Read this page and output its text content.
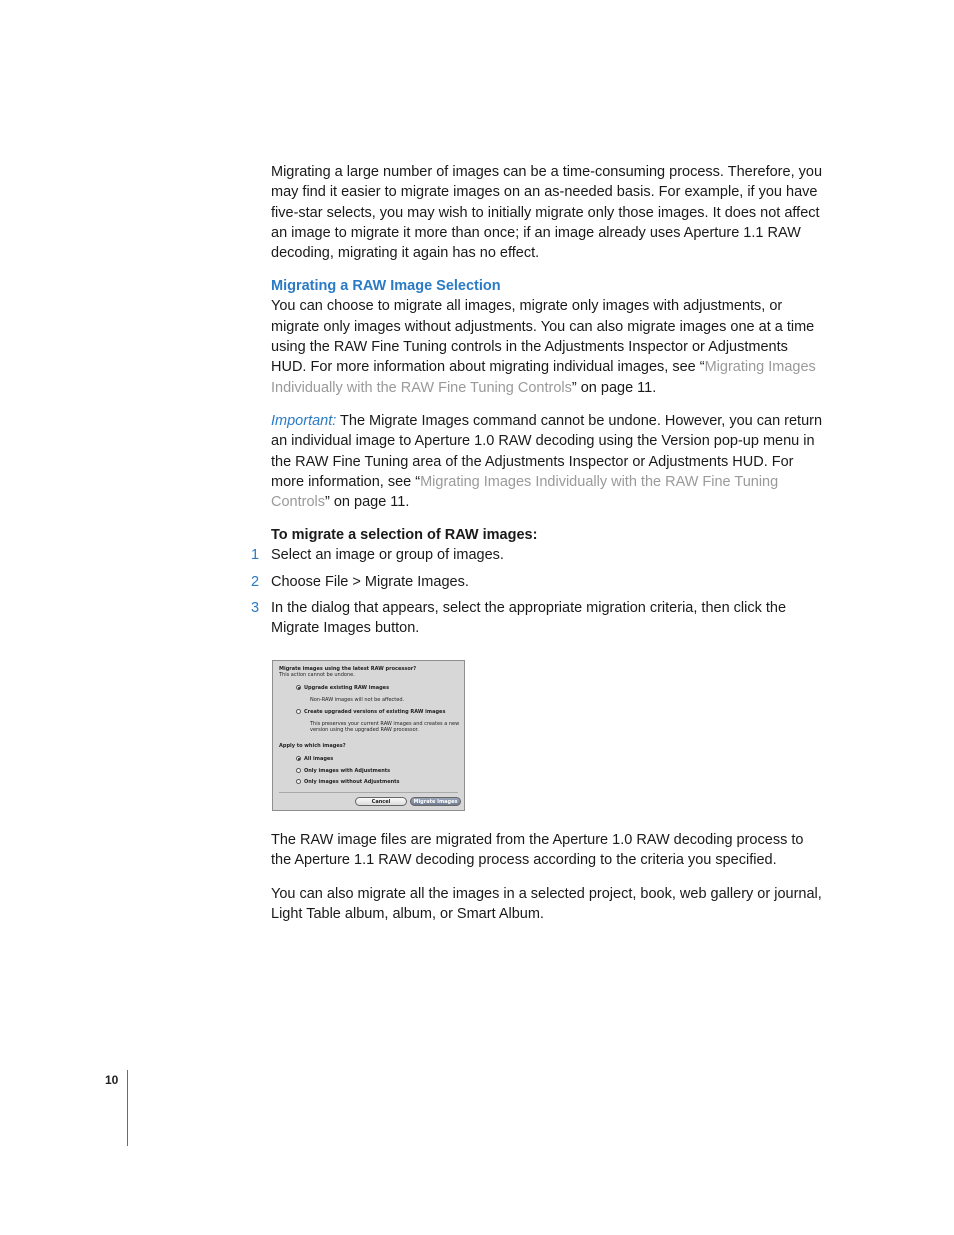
Migrating a large number of images can be a time-consuming process. Therefore, you may find it easier to migrate images on an as-needed basis. For example, if you have five-star selects, you may wish to initially migrate only those images. It does not affect an image to migrate it more than once; if an image already uses Aperture 1.1 RAW decoding, migrating it again has no effect.

Migrating a RAW Image Selection

You can choose to migrate all images, migrate only images with adjustments, or migrate only images without adjustments. You can also migrate images one at a time using the RAW Fine Tuning controls in the Adjustments Inspector or Adjustments HUD. For more information about migrating individual images, see “Migrating Images Individually with the RAW Fine Tuning Controls” on page 11.

Important: The Migrate Images command cannot be undone. However, you can return an individual image to Aperture 1.0 RAW decoding using the Version pop-up menu in the RAW Fine Tuning area of the Adjustments Inspector or Adjustments HUD. For more information, see “Migrating Images Individually with the RAW Fine Tuning Controls” on page 11.

To migrate a selection of RAW images:
1 Select an image or group of images.
2 Choose File > Migrate Images.
3 In the dialog that appears, select the appropriate migration criteria, then click the Migrate Images button.
Migrate images using the latest RAW processor?
This action cannot be undone.
Upgrade existing RAW images
Non-RAW images will not be affected.
Create upgraded versions of existing RAW images
This preserves your current RAW images and creates a new
version using the upgraded RAW processor.
Apply to which images?
All images
Only images with Adjustments
Only images without Adjustments
Cancel	Migrate Images

The RAW image files are migrated from the Aperture 1.0 RAW decoding process to the Aperture 1.1 RAW decoding process according to the criteria you specified.

You can also migrate all the images in a selected project, book, web gallery or journal, Light Table album, album, or Smart Album.

10
